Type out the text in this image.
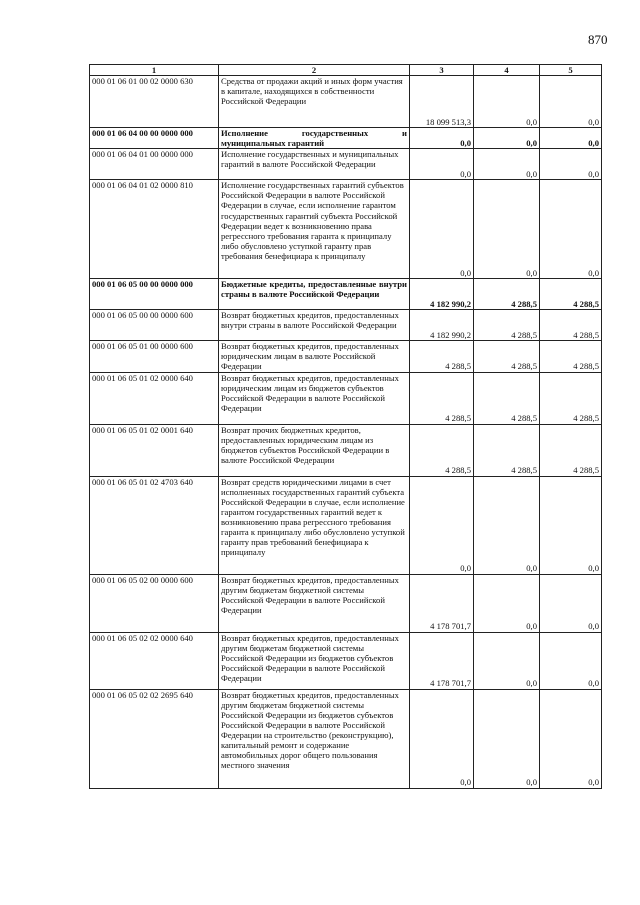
870
1	2	3	4	5
000 01 06 01 00 02 0000 630	Средства от продажи акций и иных форм участия в капитале, находящихся в собственности Российской Федерации	18 099 513,3	0,0	0,0
000 01 06 04 00 00 0000 000	Исполнение государственных и муниципальных гарантий	0,0	0,0	0,0
000 01 06 04 01 00 0000 000	Исполнение государственных и муниципальных гарантий в валюте Российской Федерации	0,0	0,0	0,0
000 01 06 04 01 02 0000 810	Исполнение государственных гарантий субъектов Российской Федерации в валюте Российской Федерации в случае, если исполнение гарантом государственных гарантий субъекта Российской Федерации ведет к возникновению права регрессного требования гаранта к принципалу либо обусловлено уступкой гаранту прав требования бенефициара к принципалу	0,0	0,0	0,0
000 01 06 05 00 00 0000 000	Бюджетные кредиты, предоставленные внутри страны в валюте Российской Федерации	4 182 990,2	4 288,5	4 288,5
000 01 06 05 00 00 0000 600	Возврат бюджетных кредитов, предоставленных внутри страны в валюте Российской Федерации	4 182 990,2	4 288,5	4 288,5
000 01 06 05 01 00 0000 600	Возврат бюджетных кредитов, предоставленных юридическим лицам в валюте Российской Федерации	4 288,5	4 288,5	4 288,5
000 01 06 05 01 02 0000 640	Возврат бюджетных кредитов, предоставленных юридическим лицам из бюджетов субъектов Российской Федерации в валюте Российской Федерации	4 288,5	4 288,5	4 288,5
000 01 06 05 01 02 0001 640	Возврат прочих бюджетных кредитов, предоставленных юридическим лицам из бюджетов субъектов Российской Федерации в валюте Российской Федерации	4 288,5	4 288,5	4 288,5
000 01 06 05 01 02 4703 640	Возврат средств юридическими лицами в счет исполненных государственных гарантий субъекта Российской Федерации в случае, если исполнение гарантом государственных гарантий ведет к возникновению права регрессного требования гаранта к принципалу либо обусловлено уступкой гаранту прав требований бенефициара к принципалу	0,0	0,0	0,0
000 01 06 05 02 00 0000 600	Возврат бюджетных кредитов, предоставленных другим бюджетам бюджетной системы Российской Федерации в валюте Российской Федерации	4 178 701,7	0,0	0,0
000 01 06 05 02 02 0000 640	Возврат бюджетных кредитов, предоставленных другим бюджетам бюджетной системы Российской Федерации из бюджетов субъектов Российской Федерации в валюте Российской Федерации	4 178 701,7	0,0	0,0
000 01 06 05 02 02 2695 640	Возврат бюджетных кредитов, предоставленных другим бюджетам бюджетной системы Российской Федерации из бюджетов субъектов Российской Федерации в валюте Российской Федерации на строительство (реконструкцию), капитальный ремонт и содержание автомобильных дорог общего пользования местного значения	0,0	0,0	0,0
